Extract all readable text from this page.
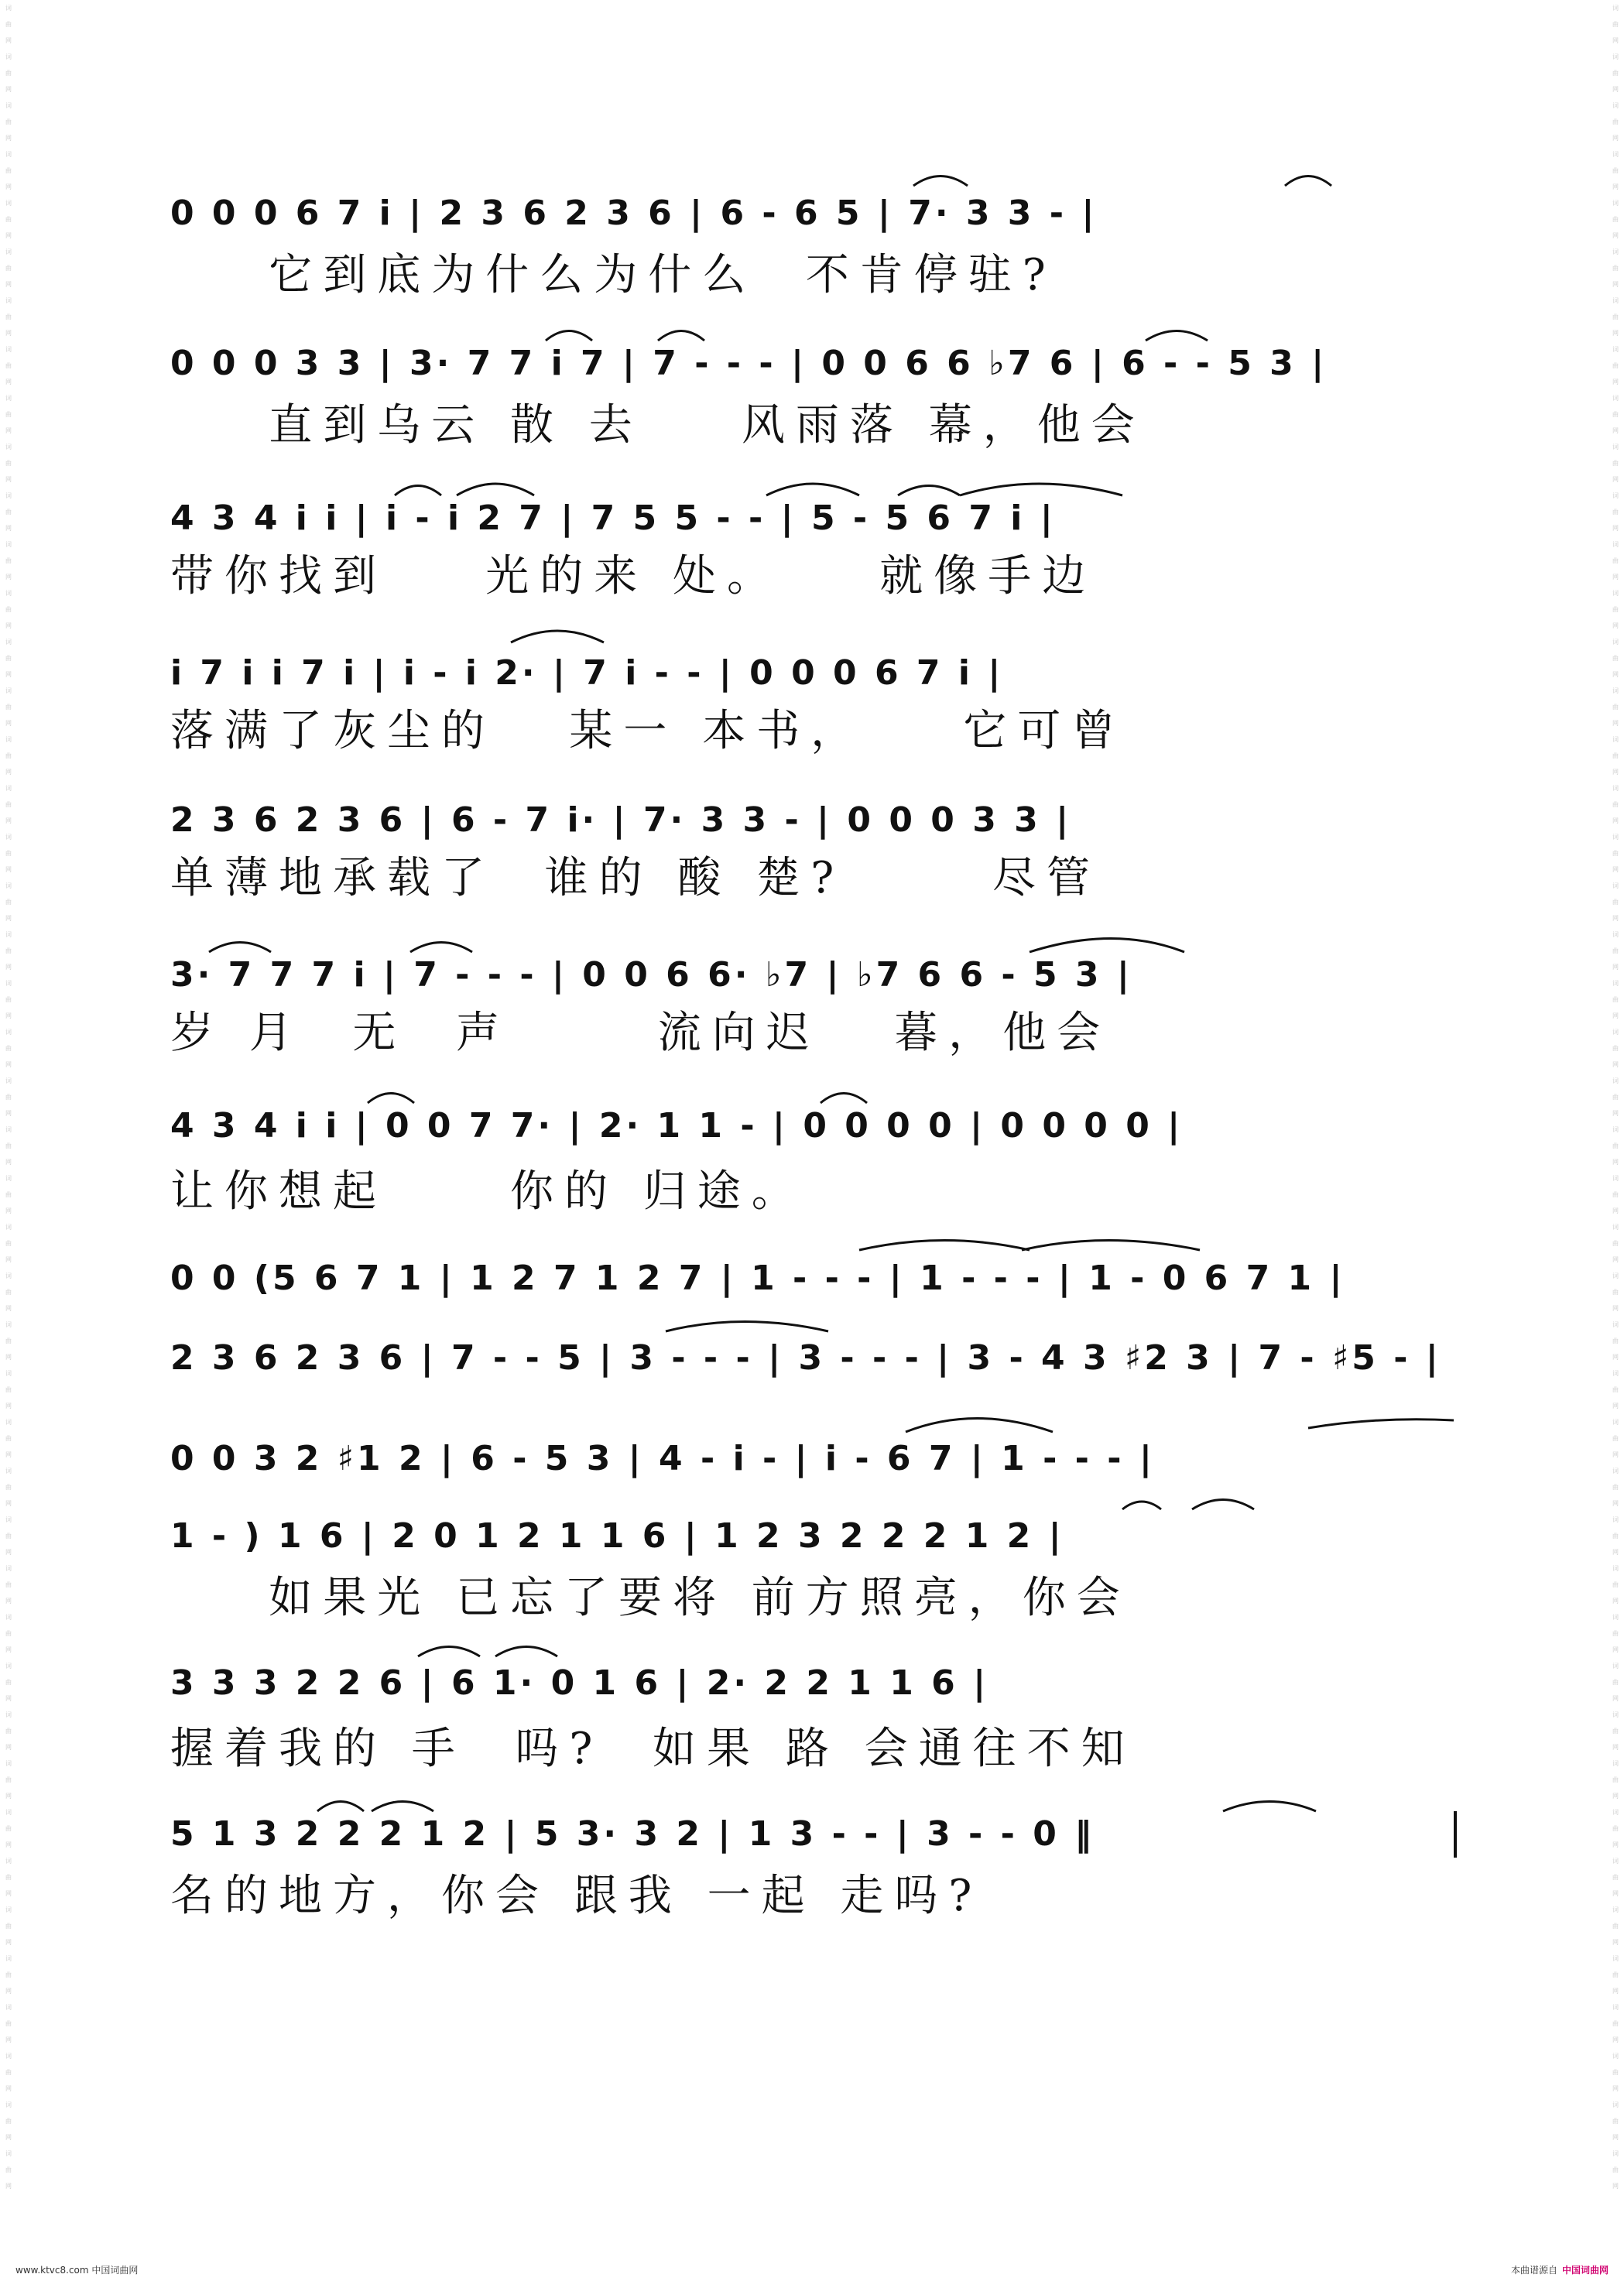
词曲网词曲网词曲网词曲网词曲网词曲网词曲网词曲网词曲网词曲网词曲网词曲网词曲网词曲网词曲网词曲网词曲网词曲网词曲网词曲网词曲网词曲网词曲网词曲网词曲网词曲网词曲网词曲网词曲网词曲网词曲网词曲网词曲网词曲网词曲网词曲网词曲网词曲网词曲网词曲网词曲网词曲网词曲网词曲网词曲网
词曲网词曲网词曲网词曲网词曲网词曲网词曲网词曲网词曲网词曲网词曲网词曲网词曲网词曲网词曲网词曲网词曲网词曲网词曲网词曲网词曲网词曲网词曲网词曲网词曲网词曲网词曲网词曲网词曲网词曲网词曲网词曲网词曲网词曲网词曲网词曲网词曲网词曲网词曲网词曲网词曲网词曲网词曲网词曲网词曲网
0 0 0 6 7 i | 2 3 6 2 3 6 | 6 - 6 5 | 7· 3 3 - |
它到底为什么为什么  不肯停驻?
0 0 0 3 3 | 3· 7 7 i 7 | 7 - - - | 0 0 6 6 ♭7 6 | 6 - - 5 3 |
直到乌云 散 去    风雨落 幕，他会
4 3 4 i i | i - i 2 7 | 7 5 5 - - | 5 - 5 6 7 i |
带你找到    光的来 处。    就像手边
i 7 i i 7 i | i - i 2· | 7 i - - | 0 0 0 6 7 i |
落满了灰尘的   某一 本书，    它可曾
2 3 6 2 3 6 | 6 - 7 i· | 7· 3 3 - | 0 0 0 3 3 |
单薄地承载了  谁的 酸 楚?      尽管
3· 7 7 7 i | 7 - - - | 0 0 6 6· ♭7 | ♭7 6 6 - 5 3 |
岁 月  无  声      流向迟   暮，他会
4 3 4 i i | 0 0 7 7· | 2· 1 1 - | 0 0 0 0 | 0 0 0 0 |
让你想起     你的 归途。
0 0 (5 6 7 1 | 1 2 7 1 2 7 | 1 - - - | 1 - - - | 1 - 0 6 7 1 |
2 3 6 2 3 6 | 7 - - 5 | 3 - - - | 3 - - - | 3 - 4 3 ♯2 3 | 7 - ♯5 - |
0 0 3 2 ♯1 2 | 6 - 5 3 | 4 - i - | i - 6 7 | 1 - - - |
1 - ) 1 6 | 2 0 1 2 1 1 6 | 1 2 3 2 2 2 1 2 |
如果光 已忘了要将 前方照亮，你会
3 3 3 2 2 6 | 6 1· 0 1 6 | 2· 2 2 1 1 6 |
握着我的 手  吗?  如果 路 会通往不知
5 1 3 2 2 2 1 2 | 5 3· 3 2 | 1 3 - - | 3 - - 0 ‖
名的地方，你会 跟我 一起 走吗?
www.ktvc8.com 中国词曲网	本曲谱源自 中国词曲网
